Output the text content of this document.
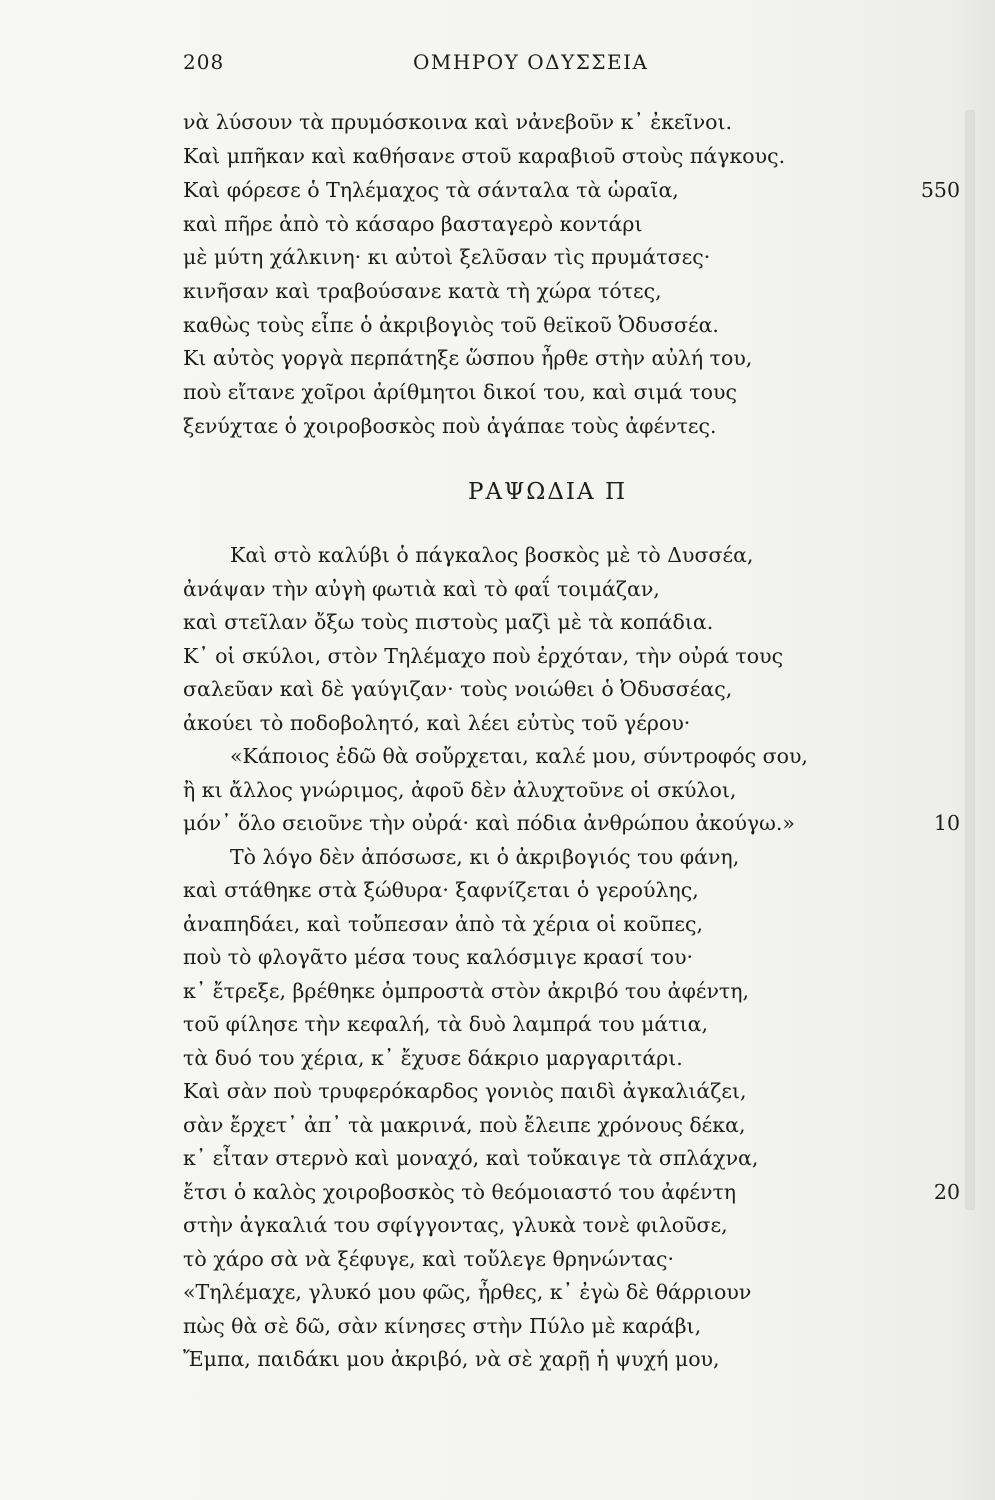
208	ΟΜΗΡΟΥ ΟΔΥΣΣΕΙΑ
νὰ λύσουν τὰ πρυμόσκοινα καὶ νἀνεβοῦν κ᾿ ἐκεῖνοι.
Καὶ μπῆκαν καὶ καθήσανε στοῦ καραβιοῦ στοὺς πάγκους.
Καὶ φόρεσε ὁ Τηλέμαχος τὰ σάνταλα τὰ ὡραῖα,	550
καὶ πῆρε ἀπὸ τὸ κάσαρο βασταγερὸ κοντάρι
μὲ μύτη χάλκινη· κι αὐτοὶ ξελῦσαν τὶς πρυμάτσες·
κινῆσαν καὶ τραβούσανε κατὰ τὴ χώρα τότες,
καθὼς τοὺς εἶπε ὁ ἀκριβογιὸς τοῦ θεϊκοῦ Ὀδυσσέα.
Κι αὐτὸς γοργὰ περπάτηξε ὥσπου ἦρθε στὴν αὐλή του,
ποὺ εἴτανε χοῖροι ἀρίθμητοι δικοί του, καὶ σιμά τους
ξενύχταε ὁ χοιροβοσκὸς ποὺ ἀγάπαε τοὺς ἀφέντες.
ΡΑΨΩΔΙΑ Π
Καὶ στὸ καλύβι ὁ πάγκαλος βοσκὸς μὲ τὸ Δυσσέα,
ἀνάψαν τὴν αὐγὴ φωτιὰ καὶ τὸ φαΐ τοιμάζαν,
καὶ στεῖλαν ὄξω τοὺς πιστοὺς μαζὶ μὲ τὰ κοπάδια.
Κ᾿ οἱ σκύλοι, στὸν Τηλέμαχο ποὺ ἐρχόταν, τὴν οὐρά τους
σαλεῦαν καὶ δὲ γαύγιζαν· τοὺς νοιώθει ὁ Ὀδυσσέας,
ἀκούει τὸ ποδοβολητό, καὶ λέει εὐτὺς τοῦ γέρου·
«Κάποιος ἐδῶ θὰ σοὔρχεται, καλέ μου, σύντροφός σου,
ἢ κι ἄλλος γνώριμος, ἀφοῦ δὲν ἀλυχτοῦνε οἱ σκύλοι,
μόν᾿ ὅλο σειοῦνε τὴν οὐρά· καὶ πόδια ἀνθρώπου ἀκούγω.»	10
Τὸ λόγο δὲν ἀπόσωσε, κι ὁ ἀκριβογιός του φάνη,
καὶ στάθηκε στὰ ξώθυρα· ξαφνίζεται ὁ γερούλης,
ἀναπηδάει, καὶ τοὔπεσαν ἀπὸ τὰ χέρια οἱ κοῦπες,
ποὺ τὸ φλογᾶτο μέσα τους καλόσμιγε κρασί του·
κ᾿ ἔτρεξε, βρέθηκε ὀμπροστὰ στὸν ἀκριβό του ἀφέντη,
τοῦ φίλησε τὴν κεφαλή, τὰ δυὸ λαμπρά του μάτια,
τὰ δυό του χέρια, κ᾿ ἔχυσε δάκριο μαργαριτάρι.
Καὶ σὰν ποὺ τρυφερόκαρδος γονιὸς παιδὶ ἀγκαλιάζει,
σὰν ἔρχετ᾿ ἀπ᾿ τὰ μακρινά, ποὺ ἔλειπε χρόνους δέκα,
κ᾿ εἶταν στερνὸ καὶ μοναχό, καὶ τοὔκαιγε τὰ σπλάχνα,
ἔτσι ὁ καλὸς χοιροβοσκὸς τὸ θεόμοιαστό του ἀφέντη	20
στὴν ἀγκαλιά του σφίγγοντας, γλυκὰ τονὲ φιλοῦσε,
τὸ χάρο σὰ νὰ ξέφυγε, καὶ τοὔλεγε θρηνώντας·
«Τηλέμαχε, γλυκό μου φῶς, ἦρθες, κ᾿ ἐγὼ δὲ θάρριουν
πὼς θὰ σὲ δῶ, σὰν κίνησες στὴν Πύλο μὲ καράβι,
Ἔμπα, παιδάκι μου ἀκριβό, νὰ σὲ χαρῇ ἡ ψυχή μου,
